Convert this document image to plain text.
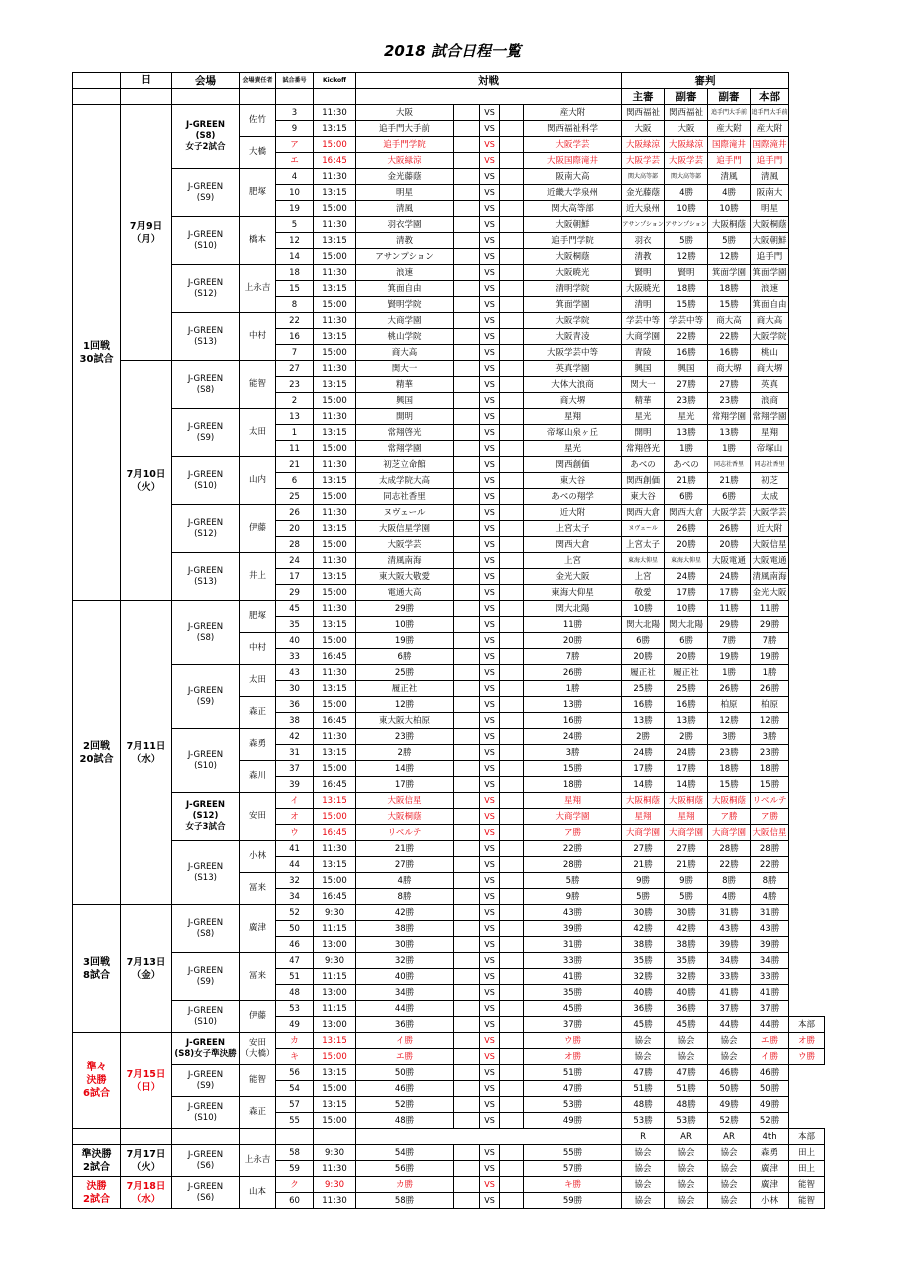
2018 試合日程一覧
	日	会場	会場責任者	試合番号	Kickoff	対戦					審判				
											主審	副審	副審	本部	
1回戦
30試合	7月9日
（月）	J-GREEN
(S8)
女子2試合	佐竹	3	11:30	大阪		VS		産大附	関西福祉	関西福祉	追手門大手前	追手門大手前	
				9	13:15	追手門大手前		VS		関西福祉科学	大阪	大阪	産大附	産大附	
			大橋	ア	15:00	追手門学院		VS		大阪学芸	大阪緑涼	大阪緑涼	国際滝井	国際滝井	
				エ	16:45	大阪緑涼		VS		大阪国際滝井	大阪学芸	大阪学芸	追手門	追手門	
		J-GREEN
(S9)	肥塚	4	11:30	金光藤蔭		VS		阪南大高	関大高等部	関大高等部	清風	清風	
				10	13:15	明星		VS		近畿大学泉州	金光藤蔭	4勝	4勝	阪南大	
				19	15:00	清風		VS		関大高等部	近大泉州	10勝	10勝	明星	
		J-GREEN
(S10)	橋本	5	11:30	羽衣学園		VS		大阪朝鮮	アサンプション	アサンプション	大阪桐蔭	大阪桐蔭	
				12	13:15	清教		VS		追手門学院	羽衣	5勝	5勝	大阪朝鮮	
				14	15:00	アサンプション		VS		大阪桐蔭	清教	12勝	12勝	追手門	
		J-GREEN
(S12)	上永吉	18	11:30	浪速		VS		大阪暁光	賢明	賢明	箕面学園	箕面学園	
				15	13:15	箕面自由		VS		清明学院	大阪暁光	18勝	18勝	浪速	
				8	15:00	賢明学院		VS		箕面学園	清明	15勝	15勝	箕面自由	
		J-GREEN
(S13)	中村	22	11:30	大商学園		VS		大阪学院	学芸中等	学芸中等	商大高	商大高	
				16	13:15	桃山学院		VS		大阪青凌	大商学園	22勝	22勝	大阪学院	
				7	15:00	商大高		VS		大阪学芸中等	青陵	16勝	16勝	桃山	
	7月10日
（火）	J-GREEN
(S8)	能智	27	11:30	関大一		VS		英真学園	興国	興国	商大堺	商大堺	
				23	13:15	精華		VS		大体大浪商	関大一	27勝	27勝	英真	
				2	15:00	興国		VS		商大堺	精華	23勝	23勝	浪商	
		J-GREEN
(S9)	太田	13	11:30	開明		VS		星翔	星光	星光	常翔学園	常翔学園	
				1	13:15	常翔啓光		VS		帝塚山泉ヶ丘	開明	13勝	13勝	星翔	
				11	15:00	常翔学園		VS		星光	常翔啓光	1勝	1勝	帝塚山	
		J-GREEN
(S10)	山内	21	11:30	初芝立命館		VS		関西創価	あべの	あべの	同志社香里	同志社香里	
				6	13:15	太成学院大高		VS		東大谷	関西創価	21勝	21勝	初芝	
				25	15:00	同志社香里		VS		あべの翔学	東大谷	6勝	6勝	太成	
		J-GREEN
(S12)	伊藤	26	11:30	ヌヴェール		VS		近大附	関西大倉	関西大倉	大阪学芸	大阪学芸	
				20	13:15	大阪信星学園		VS		上宮太子	ヌヴェール	26勝	26勝	近大附	
				28	15:00	大阪学芸		VS		関西大倉	上宮太子	20勝	20勝	大阪信星	
		J-GREEN
(S13)	井上	24	11:30	清風南海		VS		上宮	東海大仰星	東海大仰星	大阪電通	大阪電通	
				17	13:15	東大阪大敬愛		VS		金光大阪	上宮	24勝	24勝	清風南海	
				29	15:00	電通大高		VS		東海大仰星	敬愛	17勝	17勝	金光大阪	
2回戦
20試合	7月11日
（水）	J-GREEN
(S8)	肥塚	45	11:30	29勝		VS		関大北陽	10勝	10勝	11勝	11勝	
				35	13:15	10勝		VS		11勝	関大北陽	関大北陽	29勝	29勝	
			中村	40	15:00	19勝		VS		20勝	6勝	6勝	7勝	7勝	
				33	16:45	6勝		VS		7勝	20勝	20勝	19勝	19勝	
		J-GREEN
(S9)	太田	43	11:30	25勝		VS		26勝	履正社	履正社	1勝	1勝	
				30	13:15	履正社		VS		1勝	25勝	25勝	26勝	26勝	
			森正	36	15:00	12勝		VS		13勝	16勝	16勝	柏原	柏原	
				38	16:45	東大阪大柏原		VS		16勝	13勝	13勝	12勝	12勝	
		J-GREEN
(S10)	森勇	42	11:30	23勝		VS		24勝	2勝	2勝	3勝	3勝	
				31	13:15	2勝		VS		3勝	24勝	24勝	23勝	23勝	
			森川	37	15:00	14勝		VS		15勝	17勝	17勝	18勝	18勝	
				39	16:45	17勝		VS		18勝	14勝	14勝	15勝	15勝	
		J-GREEN
(S12)
女子3試合	安田	イ	13:15	大阪信星		VS		星翔	大阪桐蔭	大阪桐蔭	大阪桐蔭	リベルテ	
				オ	15:00	大阪桐蔭		VS		大商学園	星翔	星翔	ア勝	ア勝	
				ウ	16:45	リベルテ		VS		ア勝	大商学園	大商学園	大商学園	大阪信星	
		J-GREEN
(S13)	小林	41	11:30	21勝		VS		22勝	27勝	27勝	28勝	28勝	
				44	13:15	27勝		VS		28勝	21勝	21勝	22勝	22勝	
			冨来	32	15:00	4勝		VS		5勝	9勝	9勝	8勝	8勝	
				34	16:45	8勝		VS		9勝	5勝	5勝	4勝	4勝	
3回戦
8試合	7月13日
（金）	J-GREEN
(S8)	廣津	52	9:30	42勝		VS		43勝	30勝	30勝	31勝	31勝	
				50	11:15	38勝		VS		39勝	42勝	42勝	43勝	43勝	
				46	13:00	30勝		VS		31勝	38勝	38勝	39勝	39勝	
		J-GREEN
(S9)	冨来	47	9:30	32勝		VS		33勝	35勝	35勝	34勝	34勝	
				51	11:15	40勝		VS		41勝	32勝	32勝	33勝	33勝	
				48	13:00	34勝		VS		35勝	40勝	40勝	41勝	41勝	
		J-GREEN
(S10)	伊藤	53	11:15	44勝		VS		45勝	36勝	36勝	37勝	37勝	
				49	13:00	36勝		VS		37勝	45勝	45勝	44勝	44勝	本部
準々
決勝
6試合	7月15日
（日）	J-GREEN
(S8)女子準決勝	安田
（大橋）	カ	13:15	イ勝		VS		ウ勝	協会	協会	協会	エ勝	オ勝
				キ	15:00	エ勝		VS		オ勝	協会	協会	協会	イ勝	ウ勝
		J-GREEN
(S9)	能智	56	13:15	50勝		VS		51勝	47勝	47勝	46勝	46勝	
				54	15:00	46勝		VS		47勝	51勝	51勝	50勝	50勝	
		J-GREEN
(S10)	森正	57	13:15	52勝		VS		53勝	48勝	48勝	49勝	49勝	
				55	15:00	48勝		VS		49勝	53勝	53勝	52勝	52勝	
											R	AR	AR	4th	本部
準決勝
2試合	7月17日
（火）	J-GREEN
(S6)	上永吉	58	9:30	54勝		VS		55勝	協会	協会	協会	森勇	田上
				59	11:30	56勝		VS		57勝	協会	協会	協会	廣津	田上
決勝
2試合	7月18日
（水）	J-GREEN
(S6)	山本	ク	9:30	カ勝		VS		キ勝	協会	協会	協会	廣津	能智
				60	11:30	58勝		VS		59勝	協会	協会	協会	小林	能智
